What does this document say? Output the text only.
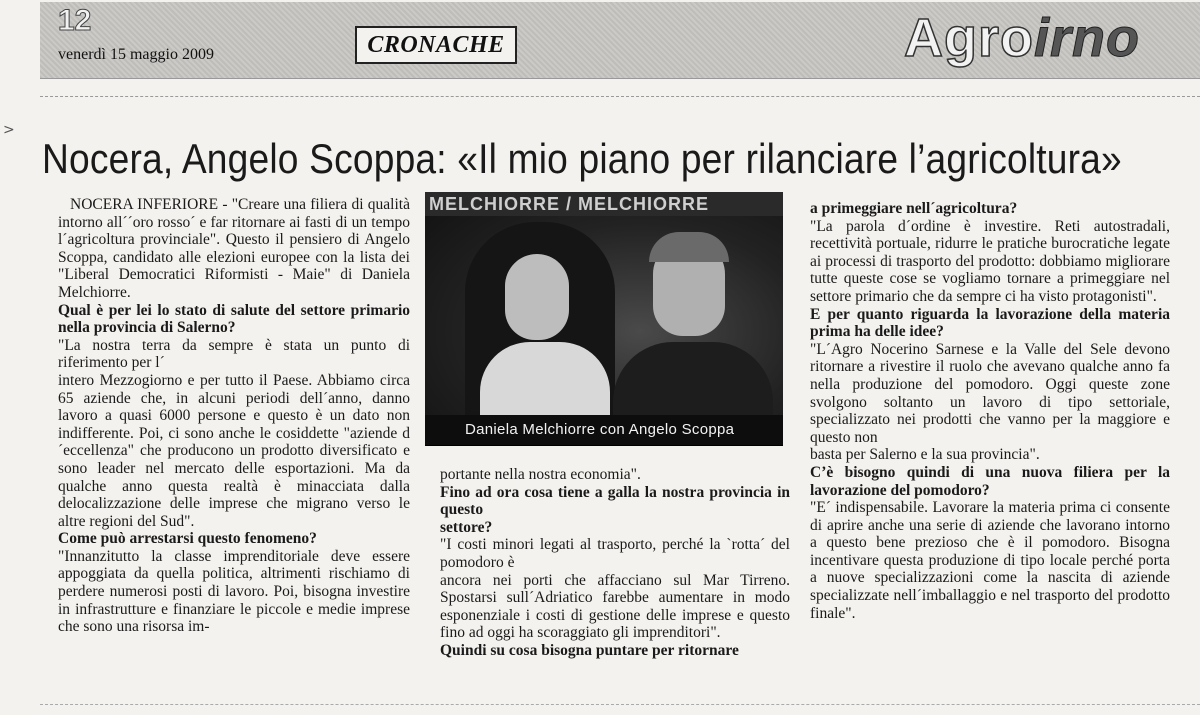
12
venerdì 15 maggio 2009	CRONACHE	Agroirno
>
Nocera, Angelo Scoppa: «Il mio piano per rilanciare l’agricoltura»

NOCERA INFERIORE - "Creare una filiera di qualità intorno all´´oro rosso´ e far ritornare ai fasti di un tempo l´agricoltura provinciale". Questo il pensiero di Angelo Scoppa, candidato alle elezioni europee con la lista dei "Liberal Democratici Riformisti - Maie" di Daniela Melchiorre.

Qual è per lei lo stato di salute del settore primario nella provincia di Salerno?

"La nostra terra da sempre è stata un punto di riferimento per l´

intero Mezzogiorno e per tutto il Paese. Abbiamo circa 65 aziende che, in alcuni periodi dell´anno, danno lavoro a quasi 6000 persone e questo è un dato non indifferente. Poi, ci sono anche le cosiddette "aziende d´eccellenza" che producono un prodotto diversificato e sono leader nel mercato delle esportazioni. Ma da qualche anno questa realtà è minacciata dalla delocalizzazione delle imprese che migrano verso le altre regioni del Sud".

Come può arrestarsi questo fenomeno?

"Innanzitutto la classe imprenditoriale deve essere appoggiata da quella politica, altrimenti rischiamo di perdere numerosi posti di lavoro. Poi, bisogna investire in infrastrutture e finanziare le piccole e medie imprese che sono una risorsa im-

MELCHIORRE / MELCHIORRE
Daniela Melchiorre con Angelo Scoppa

portante nella nostra economia".

Fino ad ora cosa tiene a galla la nostra provincia in questo

settore?

"I costi minori legati al trasporto, perché la `rotta´ del pomodoro è

ancora nei porti che affacciano sul Mar Tirreno. Spostarsi sull´Adriatico farebbe aumentare in modo esponenziale i costi di gestione delle imprese e questo fino ad oggi ha scoraggiato gli imprenditori".

Quindi su cosa bisogna puntare per ritornare

a primeggiare nell´agricoltura?

"La parola d´ordine è investire. Reti autostradali, recettività portuale, ridurre le pratiche burocratiche legate ai processi di trasporto del prodotto: dobbiamo migliorare tutte queste cose se vogliamo tornare a primeggiare nel settore primario che da sempre ci ha visto protagonisti".

E per quanto riguarda la lavorazione della materia prima ha delle idee?

"L´Agro Nocerino Sarnese e la Valle del Sele devono ritornare a rivestire il ruolo che avevano qualche anno fa nella produzione del pomodoro. Oggi queste zone svolgono soltanto un lavoro di tipo settoriale, specializzato nei prodotti che vanno per la maggiore e questo non

basta per Salerno e la sua provincia".

C’è bisogno quindi di una nuova filiera per la lavorazione del pomodoro?

"E´ indispensabile. Lavorare la materia prima ci consente di aprire anche una serie di aziende che lavorano intorno a questo bene prezioso che è il pomodoro. Bisogna incentivare questa produzione di tipo locale perché porta a nuove specializzazioni come la nascita di aziende specializzate nell´imballaggio e nel trasporto del prodotto finale".
